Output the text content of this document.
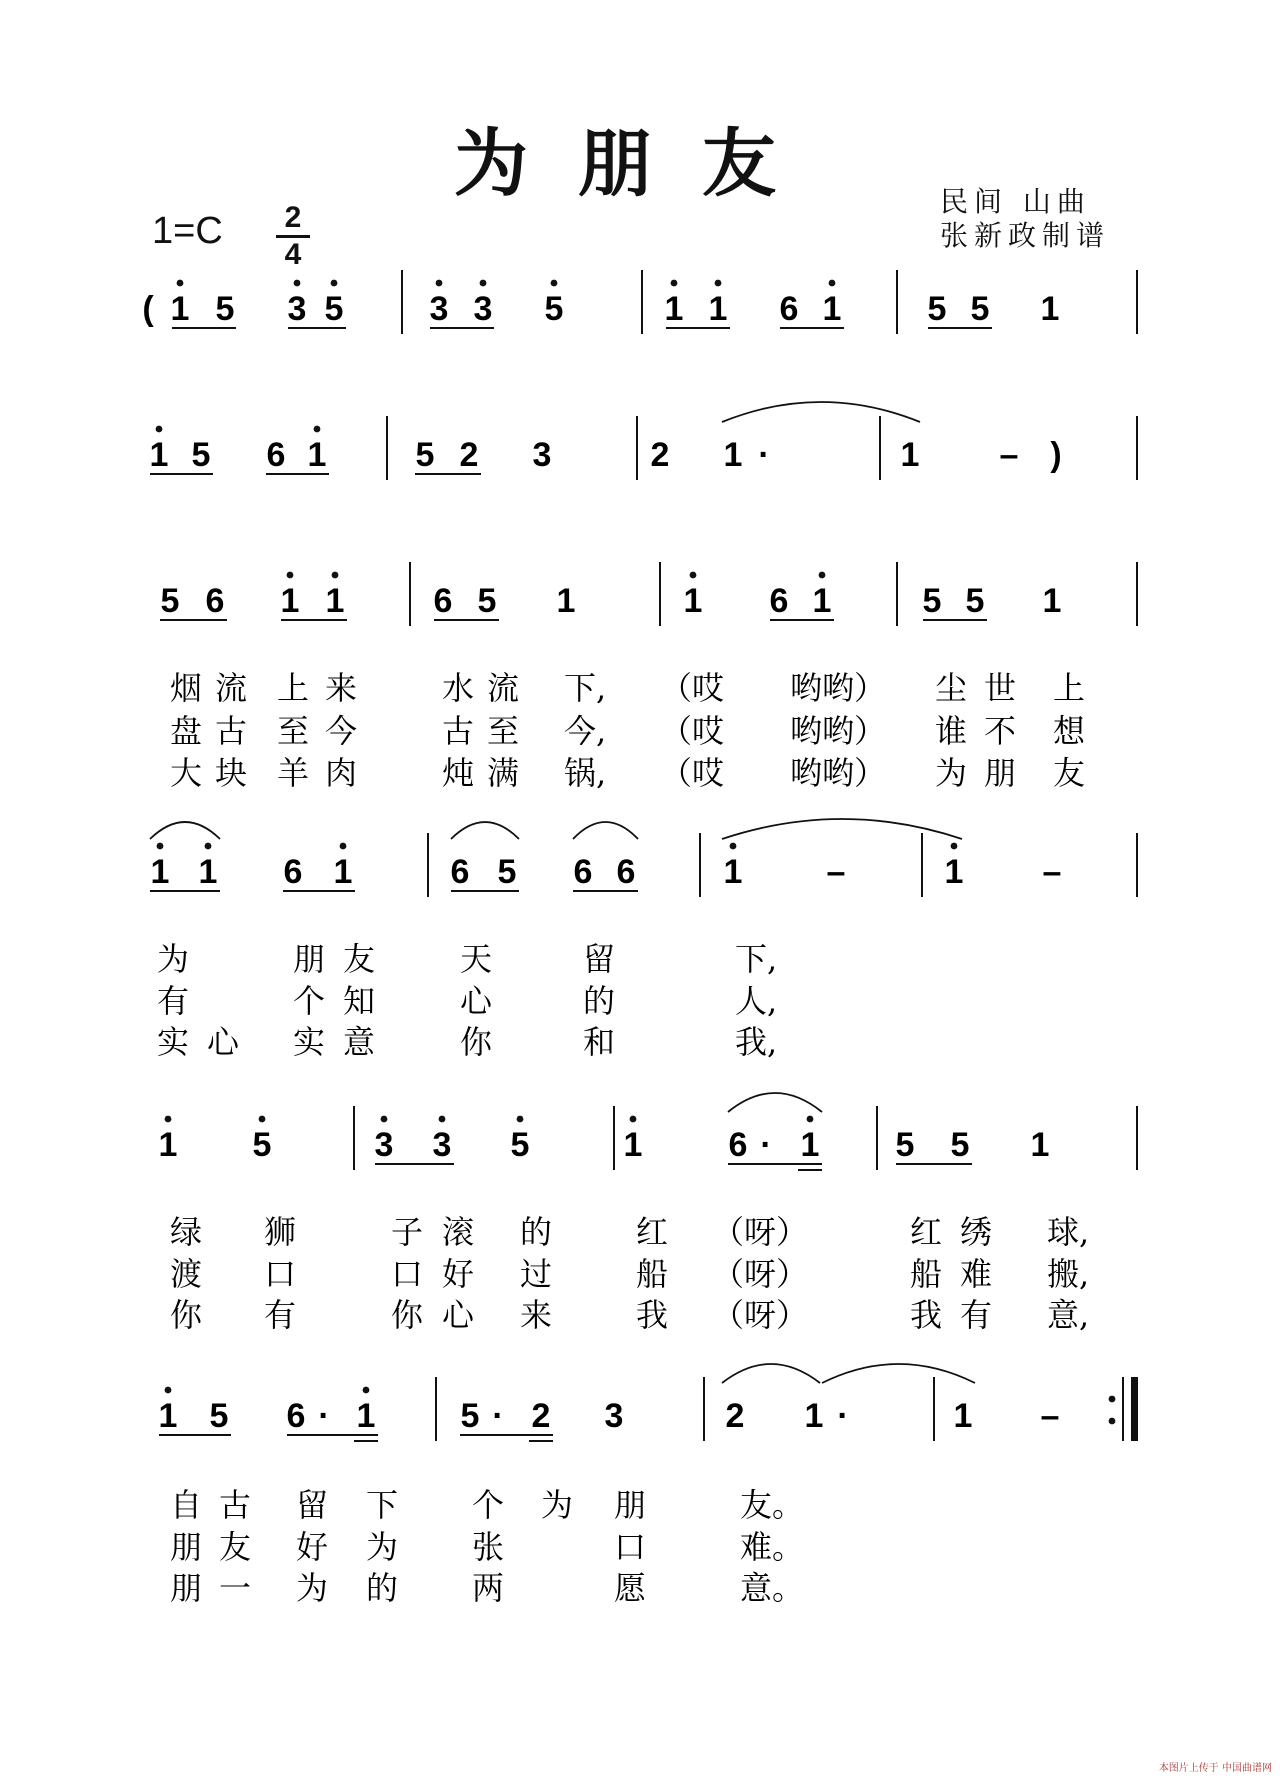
为朋友
1=C 2
4
民间 山曲
张新政制谱
( 1 5 3 5	3 3 5	1 1 6 1	5 5 1
1 5 6 1	5 2 3	2 1 ·	1 – )
5 6 1 1	6 5 1	1 6 1	5 5 1
1 1 6 1	6 5 6 6	1 –	1 –
1 5	3 3 5	1	6 · 1 5 5 1
1 5 6 · 1	5 · 2 3	2 1 ·	1 –
烟 流 上 来	水 流 下, （哎 哟哟） 尘 世 上
盘 古 至 今	古 至 今, （哎 哟哟） 谁 不 想
大 块 羊 肉	炖 满 锅, （哎 哟哟） 为 朋 友
为	朋 友	天	留	下,
有	个 知	心	的	人,
实 心 实 意	你	和	我,
绿 狮	子 滚 的	红 （呀）	红 绣 球,
渡 口	口 好 过	船 （呀）	船 难 搬,
你 有	你 心 来	我 （呀）	我 有 意,
自 古 留 下 个 为 朋	友。
朋 友 好 为 张	口	难。
朋 一 为 的 两	愿	意。
本图片上传于 中国曲谱网
